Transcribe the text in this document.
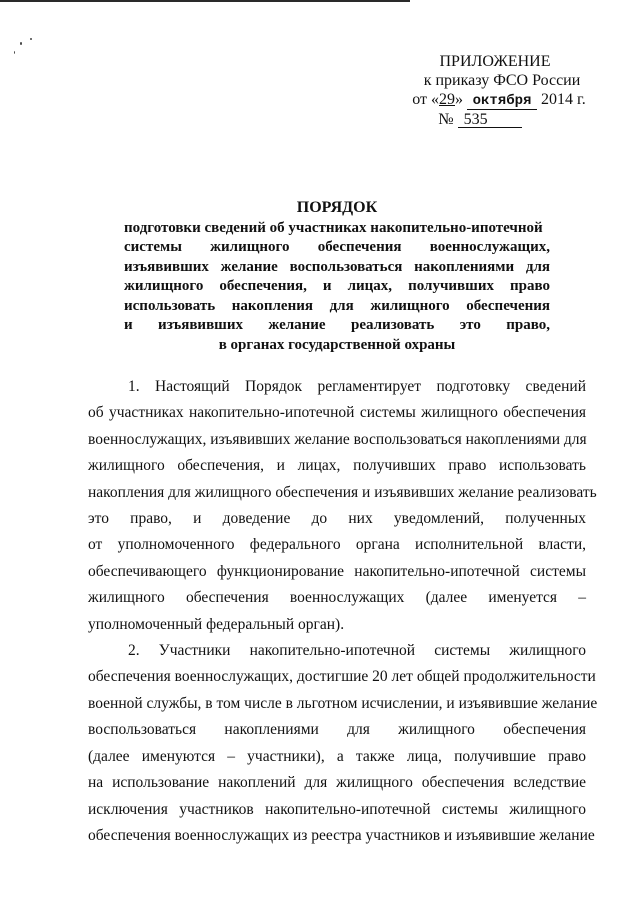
ПРИЛОЖЕНИЕ
к приказу ФСО России
от «29» октября 2014 г.
№ 535
ПОРЯДОК
подготовки сведений об участниках накопительно-ипотечной
системы жилищного обеспечения военнослужащих,
изъявивших желание воспользоваться накоплениями для
жилищного обеспечения, и лицах, получивших право
использовать накопления для жилищного обеспечения
и изъявивших желание реализовать это право,
в органах государственной охраны
1. Настоящий Порядок регламентирует подготовку сведений
об участниках накопительно-ипотечной системы жилищного обеспечения
военнослужащих, изъявивших желание воспользоваться накоплениями для
жилищного обеспечения, и лицах, получивших право использовать
накопления для жилищного обеспечения и изъявивших желание реализовать
это право, и доведение до них уведомлений, полученных
от уполномоченного федерального органа исполнительной власти,
обеспечивающего функционирование накопительно-ипотечной системы
жилищного обеспечения военнослужащих (далее именуется –
уполномоченный федеральный орган).
2. Участники накопительно-ипотечной системы жилищного
обеспечения военнослужащих, достигшие 20 лет общей продолжительности
военной службы, в том числе в льготном исчислении, и изъявившие желание
воспользоваться накоплениями для жилищного обеспечения
(далее именуются – участники), а также лица, получившие право
на использование накоплений для жилищного обеспечения вследствие
исключения участников накопительно-ипотечной системы жилищного
обеспечения военнослужащих из реестра участников и изъявившие желание
